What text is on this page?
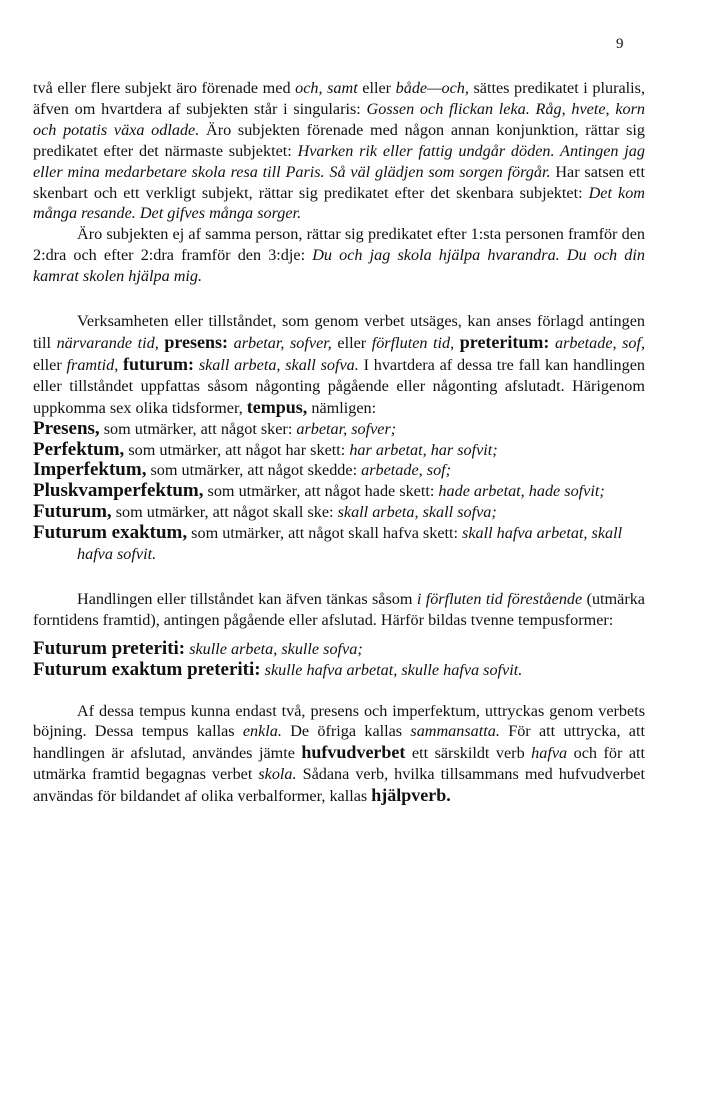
9

två eller flere subjekt äro förenade med och, samt eller både—och, sättes predikatet i pluralis, äfven om hvartdera af subjekten står i singularis: Gossen och flickan leka. Råg, hvete, korn och potatis växa odlade. Äro subjekten förenade med någon annan konjunktion, rättar sig predikatet efter det närmaste subjektet: Hvarken rik eller fattig undgår döden. Antingen jag eller mina medarbetare skola resa till Paris. Så väl glädjen som sorgen förgår. Har satsen ett skenbart och ett verkligt subjekt, rättar sig predikatet efter det skenbara subjektet: Det kom många resande. Det gifves många sorger.

Äro subjekten ej af samma person, rättar sig predikatet efter 1:sta personen framför den 2:dra och efter 2:dra framför den 3:dje: Du och jag skola hjälpa hvarandra. Du och din kamrat skolen hjälpa mig.

Verksamheten eller tillståndet, som genom verbet utsäges, kan anses förlagd antingen till närvarande tid, presens: arbetar, sofver, eller förfluten tid, preteritum: arbetade, sof, eller framtid, futurum: skall arbeta, skall sofva. I hvartdera af dessa tre fall kan handlingen eller tillståndet uppfattas såsom någonting pågående eller någonting afslutadt. Härigenom uppkomma sex olika tidsformer, tempus, nämligen:

Presens, som utmärker, att något sker: arbetar, sofver;

Perfektum, som utmärker, att något har skett: har arbetat, har sofvit;

Imperfektum, som utmärker, att något skedde: arbetade, sof;

Pluskvamperfektum, som utmärker, att något hade skett: hade arbetat, hade sofvit;

Futurum, som utmärker, att något skall ske: skall arbeta, skall sofva;

Futurum exaktum, som utmärker, att något skall hafva skett: skall hafva arbetat, skall hafva sofvit.

Handlingen eller tillståndet kan äfven tänkas såsom i förfluten tid förestående (utmärka forntidens framtid), antingen pågående eller afslutad. Härför bildas tvenne tempusformer:

Futurum preteriti: skulle arbeta, skulle sofva;

Futurum exaktum preteriti: skulle hafva arbetat, skulle hafva sofvit.

Af dessa tempus kunna endast två, presens och imperfektum, uttryckas genom verbets böjning. Dessa tempus kallas enkla. De öfriga kallas sammansatta. För att uttrycka, att handlingen är afslutad, användes jämte hufvudverbet ett särskildt verb hafva och för att utmärka framtid begagnas verbet skola. Sådana verb, hvilka tillsammans med hufvudverbet användas för bildandet af olika verbalformer, kallas hjälpverb.
